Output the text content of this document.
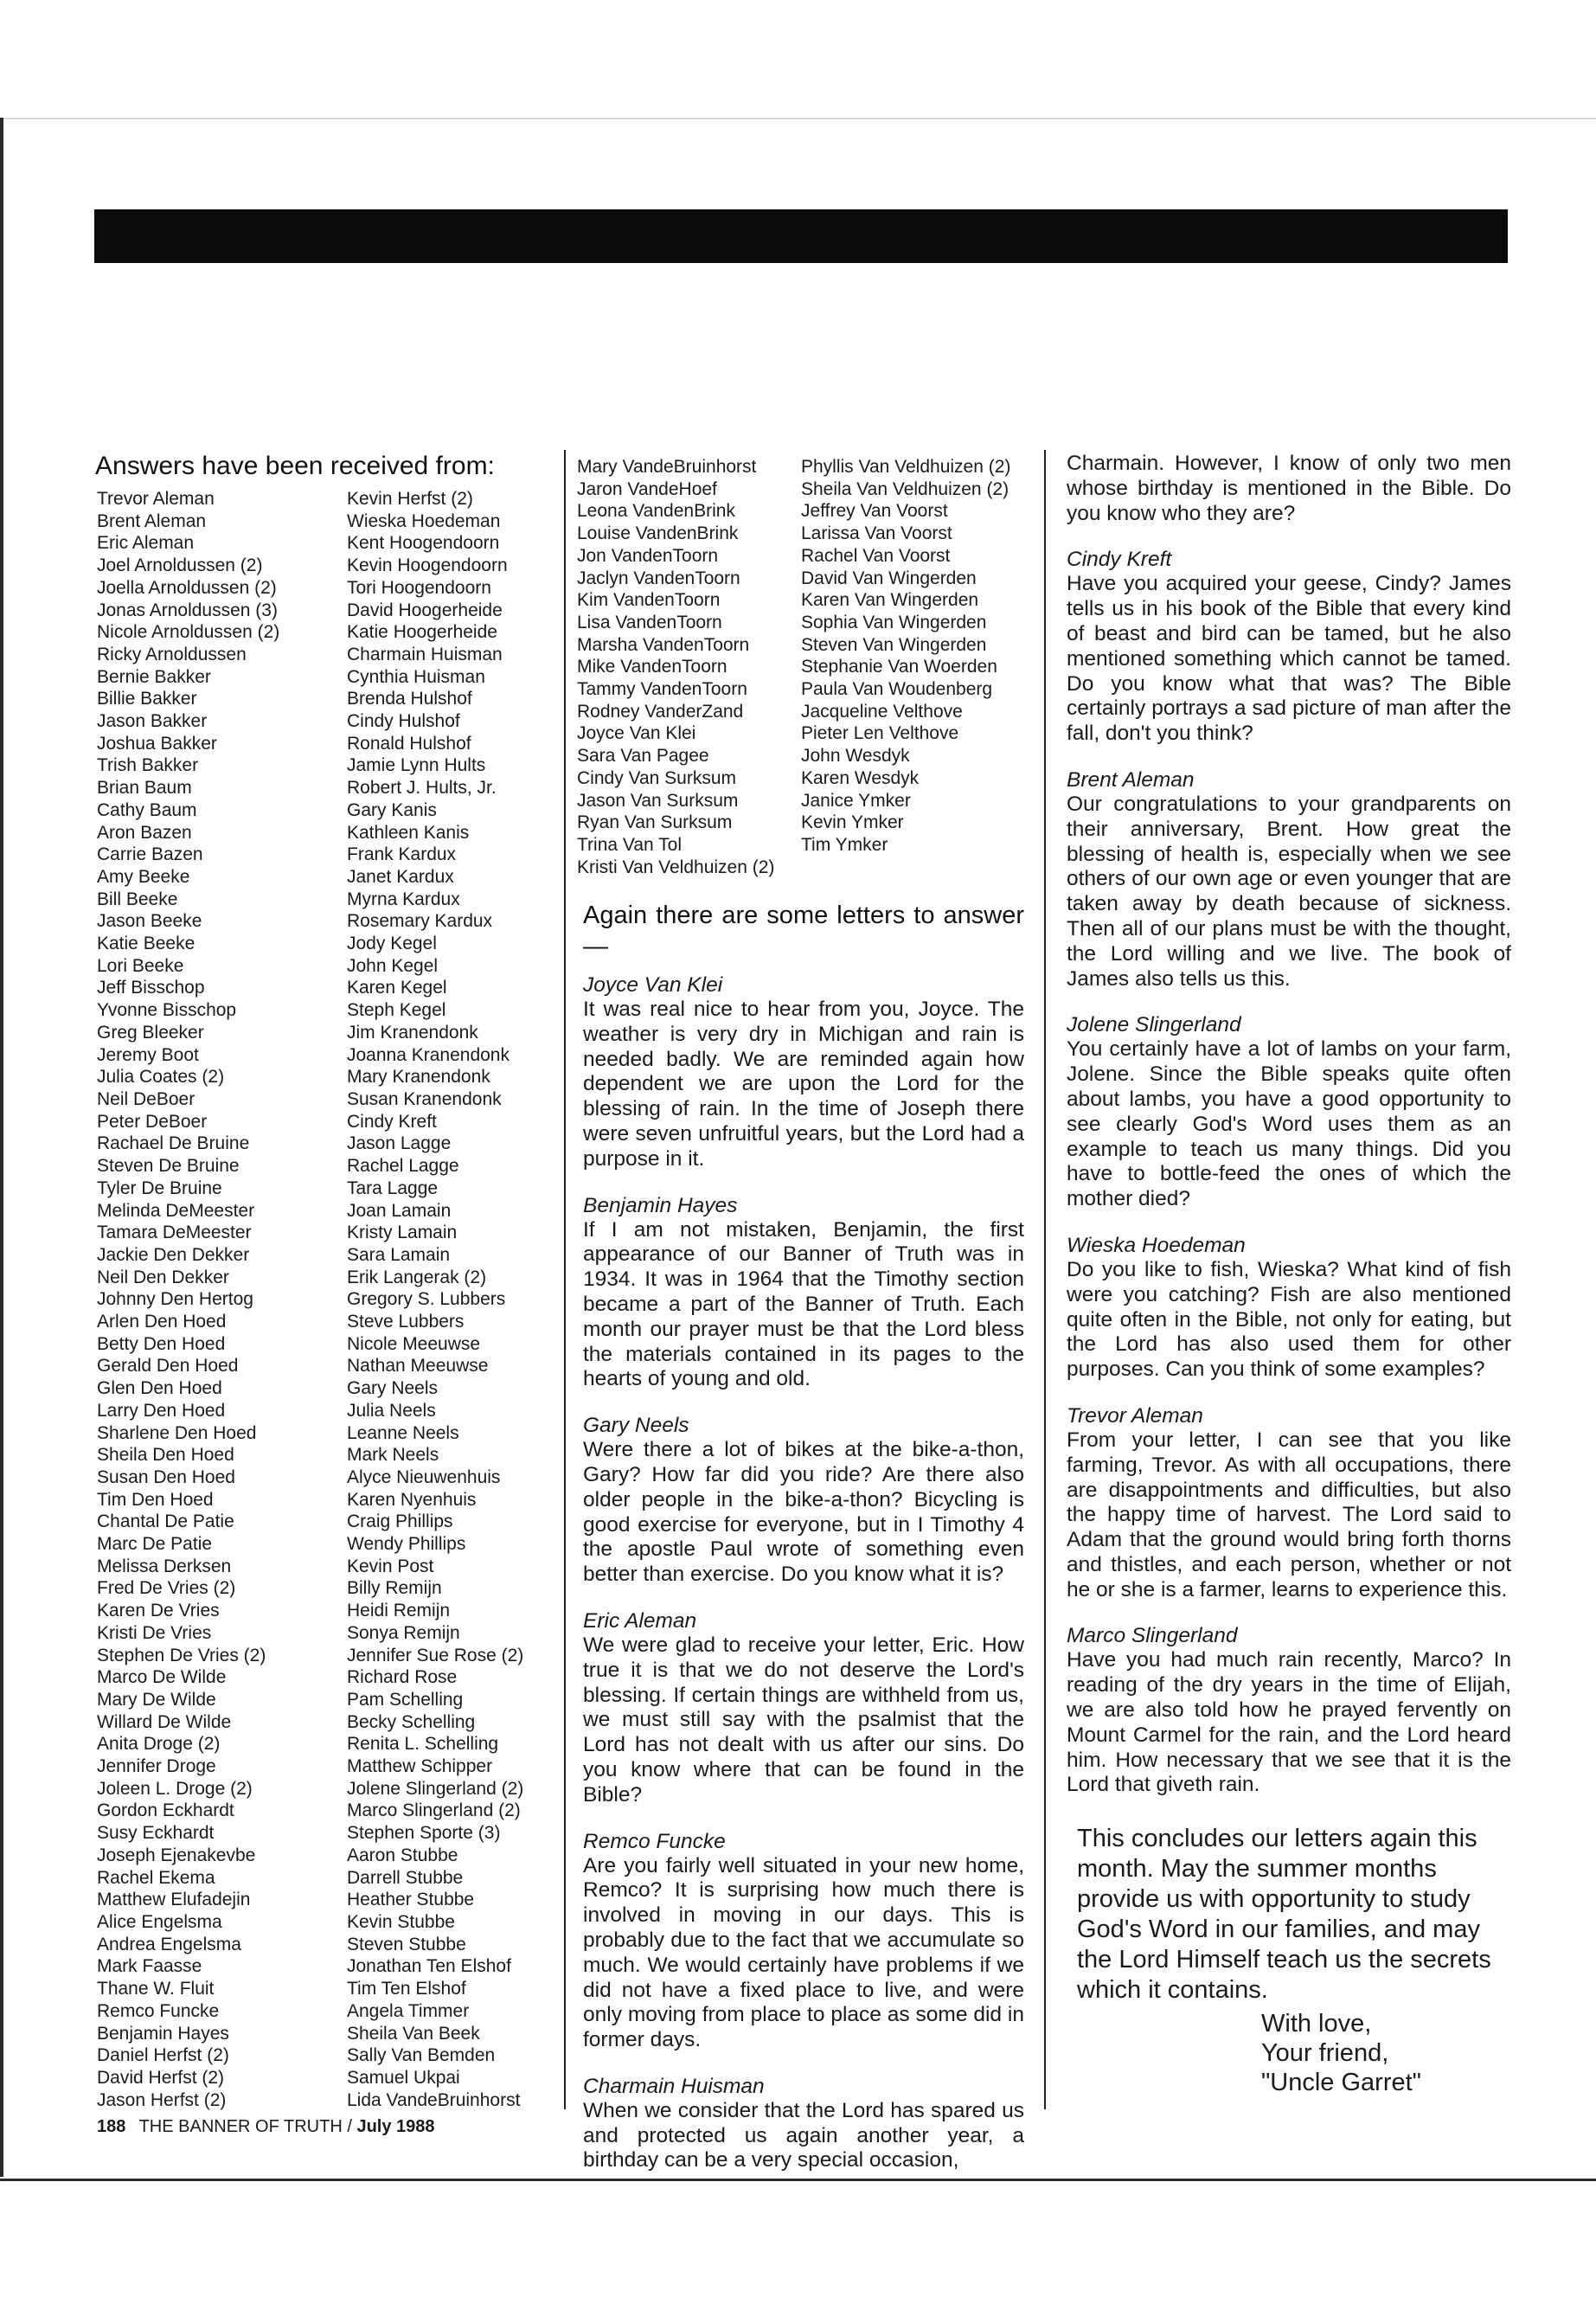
Answers have been received from:
Trevor Aleman
Brent Aleman
Eric Aleman
Joel Arnoldussen (2)
Joella Arnoldussen (2)
Jonas Arnoldussen (3)
Nicole Arnoldussen (2)
Ricky Arnoldussen
Bernie Bakker
Billie Bakker
Jason Bakker
Joshua Bakker
Trish Bakker
Brian Baum
Cathy Baum
Aron Bazen
Carrie Bazen
Amy Beeke
Bill Beeke
Jason Beeke
Katie Beeke
Lori Beeke
Jeff Bisschop
Yvonne Bisschop
Greg Bleeker
Jeremy Boot
Julia Coates (2)
Neil DeBoer
Peter DeBoer
Rachael De Bruine
Steven De Bruine
Tyler De Bruine
Melinda DeMeester
Tamara DeMeester
Jackie Den Dekker
Neil Den Dekker
Johnny Den Hertog
Arlen Den Hoed
Betty Den Hoed
Gerald Den Hoed
Glen Den Hoed
Larry Den Hoed
Sharlene Den Hoed
Sheila Den Hoed
Susan Den Hoed
Tim Den Hoed
Chantal De Patie
Marc De Patie
Melissa Derksen
Fred De Vries (2)
Karen De Vries
Kristi De Vries
Stephen De Vries (2)
Marco De Wilde
Mary De Wilde
Willard De Wilde
Anita Droge (2)
Jennifer Droge
Joleen L. Droge (2)
Gordon Eckhardt
Susy Eckhardt
Joseph Ejenakevbe
Rachel Ekema
Matthew Elufadejin
Alice Engelsma
Andrea Engelsma
Mark Faasse
Thane W. Fluit
Remco Funcke
Benjamin Hayes
Daniel Herfst (2)
David Herfst (2)
Jason Herfst (2)
Kevin Herfst (2)
Wieska Hoedeman
Kent Hoogendoorn
Kevin Hoogendoorn
Tori Hoogendoorn
David Hoogerheide
Katie Hoogerheide
Charmain Huisman
Cynthia Huisman
Brenda Hulshof
Cindy Hulshof
Ronald Hulshof
Jamie Lynn Hults
Robert J. Hults, Jr.
Gary Kanis
Kathleen Kanis
Frank Kardux
Janet Kardux
Myrna Kardux
Rosemary Kardux
Jody Kegel
John Kegel
Karen Kegel
Steph Kegel
Jim Kranendonk
Joanna Kranendonk
Mary Kranendonk
Susan Kranendonk
Cindy Kreft
Jason Lagge
Rachel Lagge
Tara Lagge
Joan Lamain
Kristy Lamain
Sara Lamain
Erik Langerak (2)
Gregory S. Lubbers
Steve Lubbers
Nicole Meeuwse
Nathan Meeuwse
Gary Neels
Julia Neels
Leanne Neels
Mark Neels
Alyce Nieuwenhuis
Karen Nyenhuis
Craig Phillips
Wendy Phillips
Kevin Post
Billy Remijn
Heidi Remijn
Sonya Remijn
Jennifer Sue Rose (2)
Richard Rose
Pam Schelling
Becky Schelling
Renita L. Schelling
Matthew Schipper
Jolene Slingerland (2)
Marco Slingerland (2)
Stephen Sporte (3)
Aaron Stubbe
Darrell Stubbe
Heather Stubbe
Kevin Stubbe
Steven Stubbe
Jonathan Ten Elshof
Tim Ten Elshof
Angela Timmer
Sheila Van Beek
Sally Van Bemden
Samuel Ukpai
Lida VandeBruinhorst
Mary VandeBruinhorst
Jaron VandeHoef
Leona VandenBrink
Louise VandenBrink
Jon VandenToorn
Jaclyn VandenToorn
Kim VandenToorn
Lisa VandenToorn
Marsha VandenToorn
Mike VandenToorn
Tammy VandenToorn
Rodney VanderZand
Joyce Van Klei
Sara Van Pagee
Cindy Van Surksum
Jason Van Surksum
Ryan Van Surksum
Trina Van Tol
Kristi Van Veldhuizen (2)
Phyllis Van Veldhuizen (2)
Sheila Van Veldhuizen (2)
Jeffrey Van Voorst
Larissa Van Voorst
Rachel Van Voorst
David Van Wingerden
Karen Van Wingerden
Sophia Van Wingerden
Steven Van Wingerden
Stephanie Van Woerden
Paula Van Woudenberg
Jacqueline Velthove
Pieter Len Velthove
John Wesdyk
Karen Wesdyk
Janice Ymker
Kevin Ymker
Tim Ymker
Again there are some letters to answer —
Joyce Van Klei
It was real nice to hear from you, Joyce. The weather is very dry in Michigan and rain is needed badly. We are reminded again how dependent we are upon the Lord for the blessing of rain. In the time of Joseph there were seven unfruitful years, but the Lord had a purpose in it.
Benjamin Hayes
If I am not mistaken, Benjamin, the first appearance of our Banner of Truth was in 1934. It was in 1964 that the Timothy section became a part of the Banner of Truth. Each month our prayer must be that the Lord bless the materials contained in its pages to the hearts of young and old.
Gary Neels
Were there a lot of bikes at the bike-a-thon, Gary? How far did you ride? Are there also older people in the bike-a-thon? Bicycling is good exercise for everyone, but in I Timothy 4 the apostle Paul wrote of something even better than exercise. Do you know what it is?
Eric Aleman
We were glad to receive your letter, Eric. How true it is that we do not deserve the Lord's blessing. If certain things are withheld from us, we must still say with the psalmist that the Lord has not dealt with us after our sins. Do you know where that can be found in the Bible?
Remco Funcke
Are you fairly well situated in your new home, Remco? It is surprising how much there is involved in moving in our days. This is probably due to the fact that we accumulate so much. We would certainly have problems if we did not have a fixed place to live, and were only moving from place to place as some did in former days.
Charmain Huisman
When we consider that the Lord has spared us and protected us again another year, a birthday can be a very special occasion,
Charmain. However, I know of only two men whose birthday is mentioned in the Bible. Do you know who they are?
Cindy Kreft
Have you acquired your geese, Cindy? James tells us in his book of the Bible that every kind of beast and bird can be tamed, but he also mentioned something which cannot be tamed. Do you know what that was? The Bible certainly portrays a sad picture of man after the fall, don't you think?
Brent Aleman
Our congratulations to your grandparents on their anniversary, Brent. How great the blessing of health is, especially when we see others of our own age or even younger that are taken away by death because of sickness. Then all of our plans must be with the thought, the Lord willing and we live. The book of James also tells us this.
Jolene Slingerland
You certainly have a lot of lambs on your farm, Jolene. Since the Bible speaks quite often about lambs, you have a good opportunity to see clearly God's Word uses them as an example to teach us many things. Did you have to bottle-feed the ones of which the mother died?
Wieska Hoedeman
Do you like to fish, Wieska? What kind of fish were you catching? Fish are also mentioned quite often in the Bible, not only for eating, but the Lord has also used them for other purposes. Can you think of some examples?
Trevor Aleman
From your letter, I can see that you like farming, Trevor. As with all occupations, there are disappointments and difficulties, but also the happy time of harvest. The Lord said to Adam that the ground would bring forth thorns and thistles, and each person, whether or not he or she is a farmer, learns to experience this.
Marco Slingerland
Have you had much rain recently, Marco? In reading of the dry years in the time of Elijah, we are also told how he prayed fervently on Mount Carmel for the rain, and the Lord heard him. How necessary that we see that it is the Lord that giveth rain.
This concludes our letters again this month. May the summer months provide us with opportunity to study God's Word in our families, and may the Lord Himself teach us the secrets which it contains.
With love,
Your friend,
"Uncle Garret"
188 THE BANNER OF TRUTH / July 1988
